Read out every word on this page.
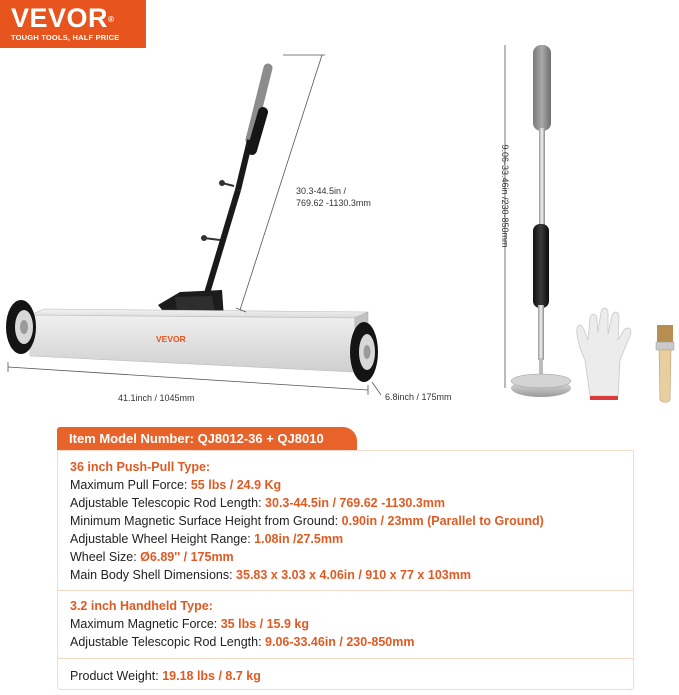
VEVOR®
TOUGH TOOLS, HALF PRICE
30.3-44.5in /
769.62 -1130.3mm
41.1inch / 1045mm	6.8inch / 175mm
9.06-33.46in /230-850mm
VEVOR
Item Model Number: QJ8012-36 + QJ8010
36 inch Push-Pull Type:
Maximum Pull Force: 55 lbs / 24.9 Kg
Adjustable Telescopic Rod Length: 30.3-44.5in / 769.62 -1130.3mm
Minimum Magnetic Surface Height from Ground: 0.90in / 23mm (Parallel to Ground)
Adjustable Wheel Height Range: 1.08in /27.5mm
Wheel Size: Ø6.89'' / 175mm
Main Body Shell Dimensions: 35.83 x 3.03 x 4.06in / 910 x 77 x 103mm
3.2 inch Handheld Type:
Maximum Magnetic Force: 35 lbs / 15.9 kg
Adjustable Telescopic Rod Length: 9.06-33.46in / 230-850mm
Product Weight: 19.18 lbs / 8.7 kg
